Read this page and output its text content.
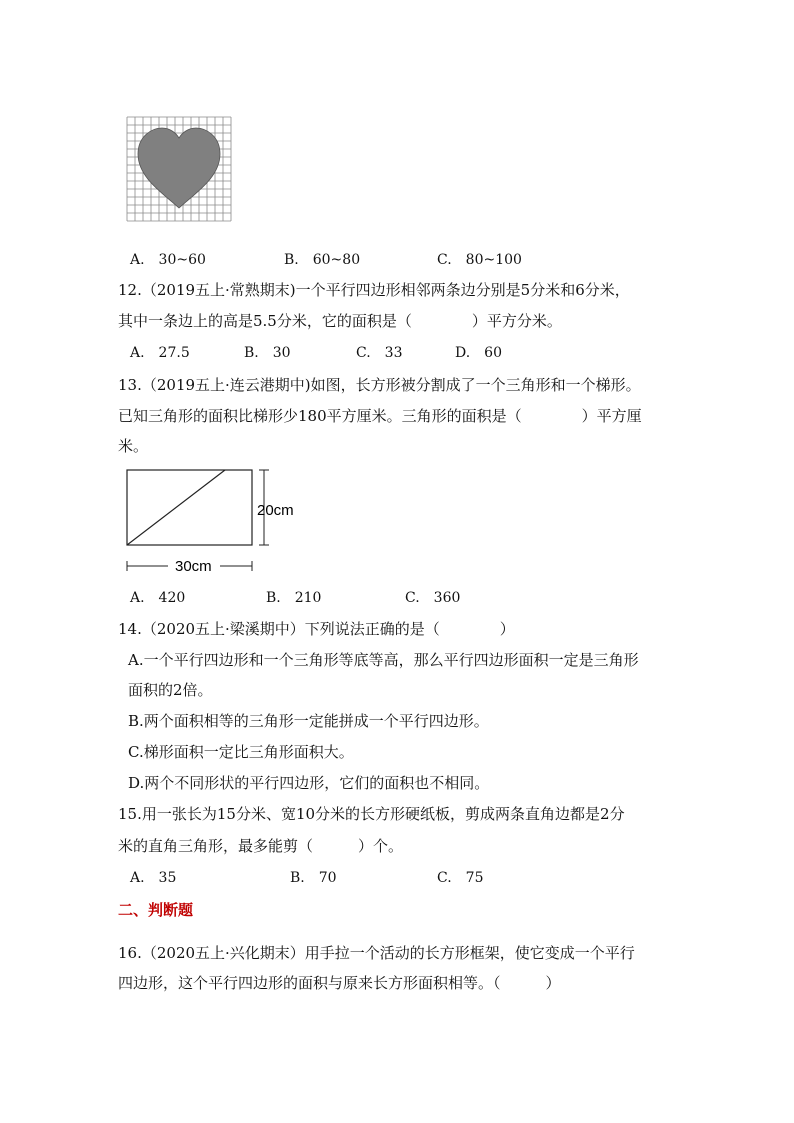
A.　30~60	B.　60~80	C.　80~100
12.（2019五上·常熟期末)一个平行四边形相邻两条边分别是5分米和6分米，
其中一条边上的高是5.5分米，它的面积是（　　　　）平方分米。
A.　27.5	B.　30	C.　33	D.　60
13.（2019五上·连云港期中)如图，长方形被分割成了一个三角形和一个梯形。
已知三角形的面积比梯形少180平方厘米。三角形的面积是（　　　　）平方厘
米。
20cm
30cm
A.　420	B.　210	C.　360
14.（2020五上·梁溪期中）下列说法正确的是（　　　　）
A.一个平行四边形和一个三角形等底等高，那么平行四边形面积一定是三角形
面积的2倍。
B.两个面积相等的三角形一定能拼成一个平行四边形。
C.梯形面积一定比三角形面积大。
D.两个不同形状的平行四边形，它们的面积也不相同。
15.用一张长为15分米、宽10分米的长方形硬纸板，剪成两条直角边都是2分
米的直角三角形，最多能剪（　　　）个。
A.　35	B.　70	C.　75
二、判断题
16.（2020五上·兴化期末）用手拉一个活动的长方形框架，使它变成一个平行
四边形，这个平行四边形的面积与原来长方形面积相等。（　　　）
